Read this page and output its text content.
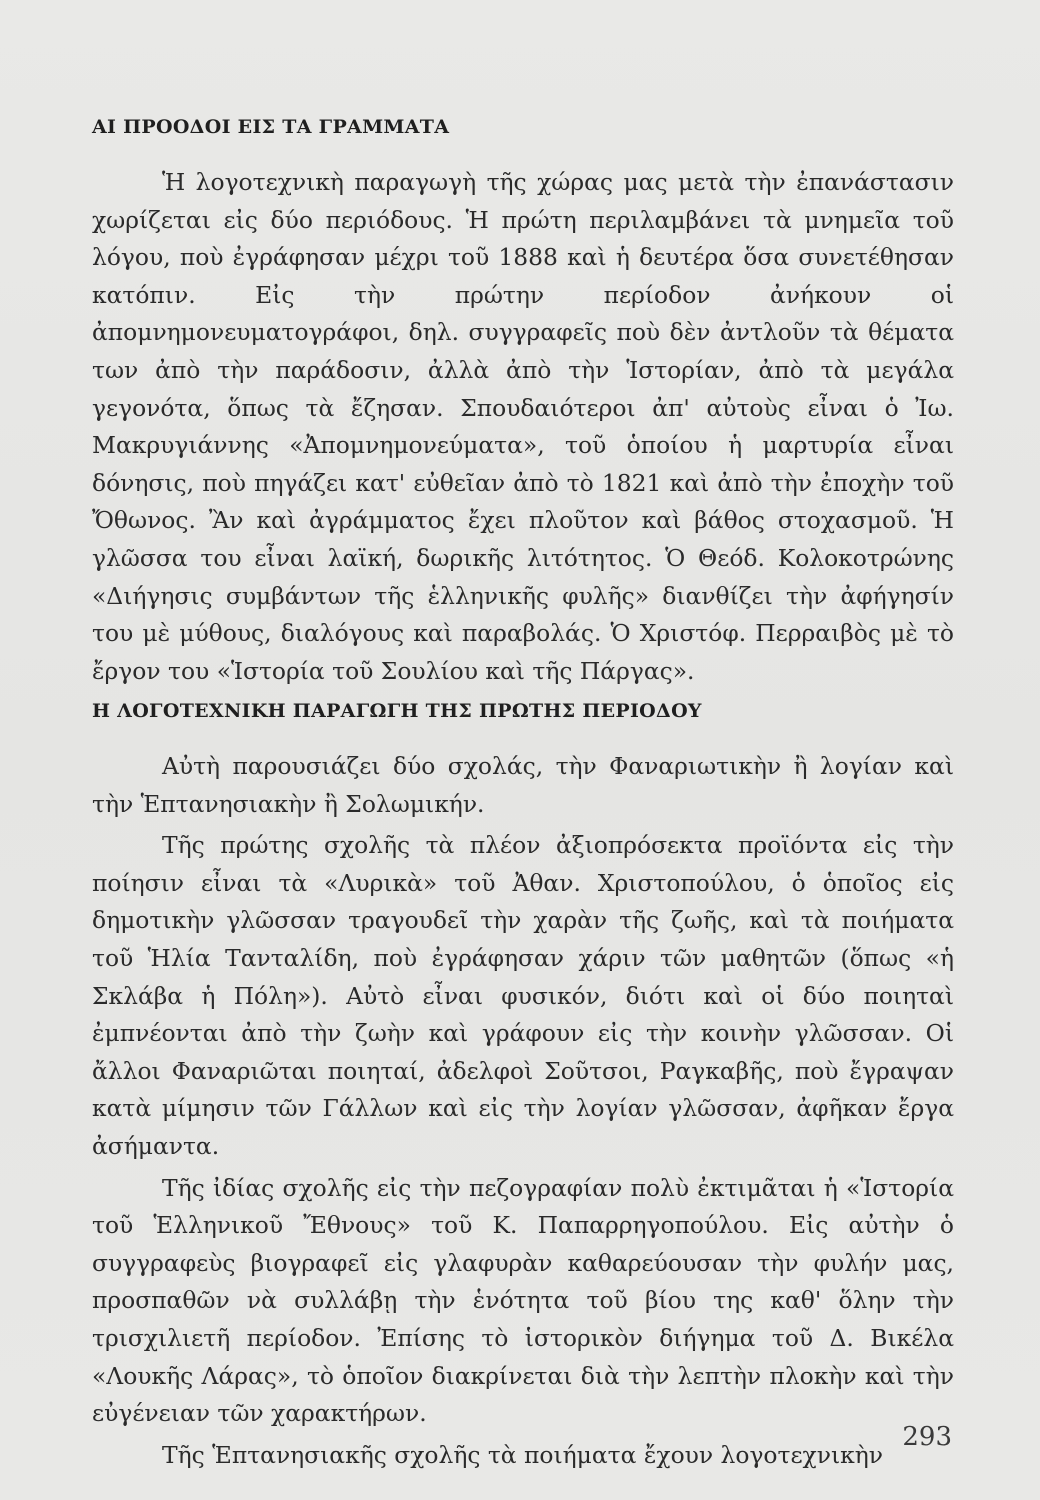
ΑΙ ΠΡΟΟΔΟΙ ΕΙΣ ΤΑ ΓΡΑΜΜΑΤΑ

Ἡ λογοτεχνικὴ παραγωγὴ τῆς χώρας μας μετὰ τὴν ἐπανάστασιν χωρίζεται εἰς δύο περιόδους. Ἡ πρώτη περιλαμβάνει τὰ μνημεῖα τοῦ λόγου, ποὺ ἐγράφησαν μέχρι τοῦ 1888 καὶ ἡ δευτέρα ὅσα συνετέθησαν κατόπιν. Εἰς τὴν πρώτην περίοδον ἀνήκουν οἱ ἀπομνημονευματογράφοι, δηλ. συγγραφεῖς ποὺ δὲν ἀντλοῦν τὰ θέματα των ἀπὸ τὴν παράδοσιν, ἀλλὰ ἀπὸ τὴν Ἱστορίαν, ἀπὸ τὰ μεγάλα γεγονότα, ὅπως τὰ ἔζησαν. Σπουδαιότεροι ἀπ' αὐτοὺς εἶναι ὁ Ἰω. Μακρυγιάννης «Ἀπομνημονεύματα», τοῦ ὁποίου ἡ μαρτυρία εἶναι δόνησις, ποὺ πηγάζει κατ' εὐθεῖαν ἀπὸ τὸ 1821 καὶ ἀπὸ τὴν ἐποχὴν τοῦ Ὄθωνος. Ἂν καὶ ἀγράμματος ἔχει πλοῦτον καὶ βάθος στοχασμοῦ. Ἡ γλῶσσα του εἶναι λαϊκή, δωρικῆς λιτότητος. Ὁ Θεόδ. Κολοκοτρώνης «Διήγησις συμβάντων τῆς ἑλληνικῆς φυλῆς» διανθίζει τὴν ἀφήγησίν του μὲ μύθους, διαλόγους καὶ παραβολάς. Ὁ Χριστόφ. Περραιβὸς μὲ τὸ ἔργον του «Ἱστορία τοῦ Σουλίου καὶ τῆς Πάργας».

Η ΛΟΓΟΤΕΧΝΙΚΗ ΠΑΡΑΓΩΓΗ ΤΗΣ ΠΡΩΤΗΣ ΠΕΡΙΟΔΟΥ

Αὐτὴ παρουσιάζει δύο σχολάς, τὴν Φαναριωτικὴν ἢ λογίαν καὶ τὴν Ἑπτανησιακὴν ἢ Σολωμικήν.

Τῆς πρώτης σχολῆς τὰ πλέον ἀξιοπρόσεκτα προϊόντα εἰς τὴν ποίησιν εἶναι τὰ «Λυρικὰ» τοῦ Ἀθαν. Χριστοπούλου, ὁ ὁποῖος εἰς δημοτικὴν γλῶσσαν τραγουδεῖ τὴν χαρὰν τῆς ζωῆς, καὶ τὰ ποιήματα τοῦ Ἡλία Τανταλίδη, ποὺ ἐγράφησαν χάριν τῶν μαθητῶν (ὅπως «ἡ Σκλάβα ἡ Πόλη»). Αὐτὸ εἶναι φυσικόν, διότι καὶ οἱ δύο ποιηταὶ ἐμπνέονται ἀπὸ τὴν ζωὴν καὶ γράφουν εἰς τὴν κοινὴν γλῶσσαν. Οἱ ἄλλοι Φαναριῶται ποιηταί, ἀδελφοὶ Σοῦτσοι, Ραγκαβῆς, ποὺ ἔγραψαν κατὰ μίμησιν τῶν Γάλλων καὶ εἰς τὴν λογίαν γλῶσσαν, ἀφῆκαν ἔργα ἀσήμαντα.

Τῆς ἰδίας σχολῆς εἰς τὴν πεζογραφίαν πολὺ ἐκτιμᾶται ἡ «Ἱστορία τοῦ Ἑλληνικοῦ Ἔθνους» τοῦ Κ. Παπαρρηγοπούλου. Εἰς αὐτὴν ὁ συγγραφεὺς βιογραφεῖ εἰς γλαφυρὰν καθαρεύουσαν τὴν φυλήν μας, προσπαθῶν νὰ συλλάβῃ τὴν ἑνότητα τοῦ βίου της καθ' ὅλην τὴν τρισχιλιετῆ περίοδον. Ἐπίσης τὸ ἱστορικὸν διήγημα τοῦ Δ. Βικέλα «Λουκῆς Λάρας», τὸ ὁποῖον διακρίνεται διὰ τὴν λεπτὴν πλοκὴν καὶ τὴν εὐγένειαν τῶν χαρακτήρων.

Τῆς Ἑπτανησιακῆς σχολῆς τὰ ποιήματα ἔχουν λογοτεχνικὴν

293
